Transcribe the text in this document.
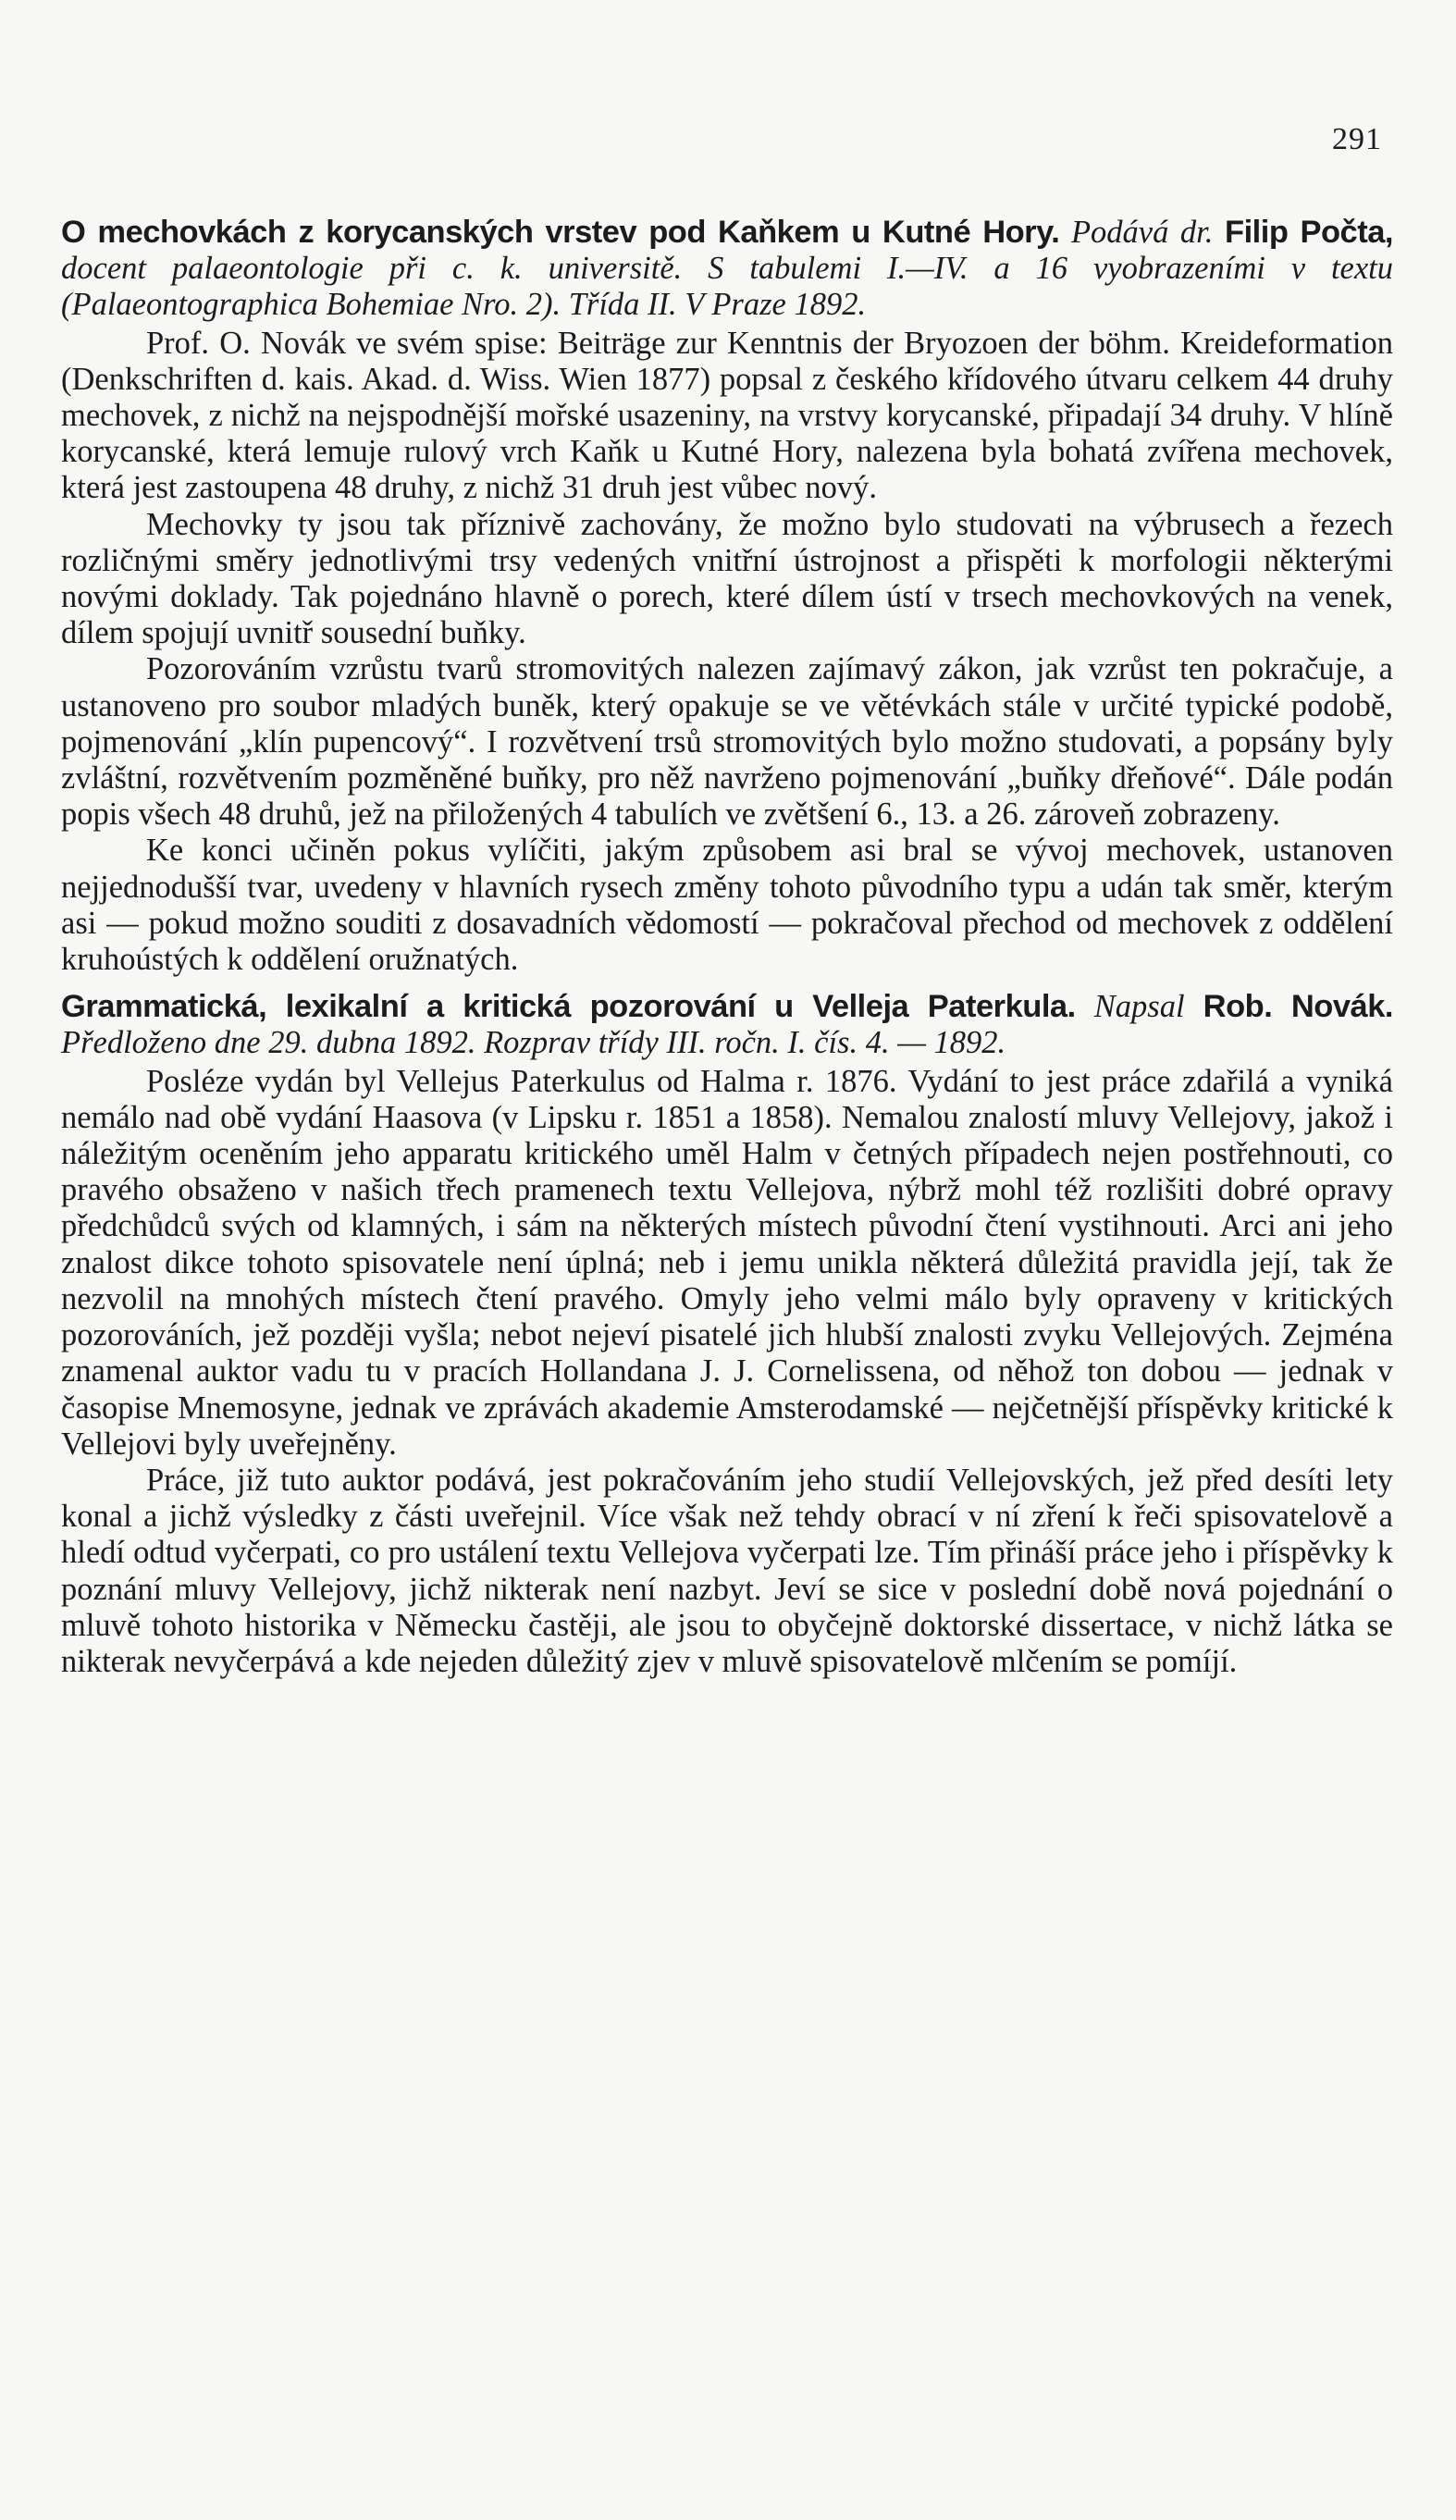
291

O mechovkách z korycanských vrstev pod Kaňkem u Kutné Hory. Podává dr. Filip Počta, docent palaeontologie při c. k. universitě. S tabulemi I.—IV. a 16 vyobrazeními v textu (Palaeontographica Bohemiae Nro. 2). Třída II. V Praze 1892.

Prof. O. Novák ve svém spise: Beiträge zur Kenntnis der Bryozoen der böhm. Kreideformation (Denkschriften d. kais. Akad. d. Wiss. Wien 1877) popsal z českého křídového útvaru celkem 44 druhy mechovek, z nichž na nejspodnější mořské usazeniny, na vrstvy korycanské, připadají 34 druhy. V hlíně korycanské, která lemuje rulový vrch Kaňk u Kutné Hory, nalezena byla bohatá zvířena mechovek, která jest zastoupena 48 druhy, z nichž 31 druh jest vůbec nový.

Mechovky ty jsou tak příznivě zachovány, že možno bylo studovati na výbrusech a řezech rozličnými směry jednotlivými trsy vedených vnitřní ústrojnost a přispěti k morfologii některými novými doklady. Tak pojednáno hlavně o porech, které dílem ústí v trsech mechovkových na venek, dílem spojují uvnitř sousední buňky.

Pozorováním vzrůstu tvarů stromovitých nalezen zajímavý zákon, jak vzrůst ten pokračuje, a ustanoveno pro soubor mladých buněk, který opakuje se ve větévkách stále v určité typické podobě, pojmenování „klín pupencový“. I rozvětvení trsů stromovitých bylo možno studovati, a popsány byly zvláštní, rozvětvením pozměněné buňky, pro něž navrženo pojmenování „buňky dřeňové“. Dále podán popis všech 48 druhů, jež na přiložených 4 tabulích ve zvětšení 6., 13. a 26. zároveň zobrazeny.

Ke konci učiněn pokus vylíčiti, jakým způsobem asi bral se vývoj mechovek, ustanoven nejjednodušší tvar, uvedeny v hlavních rysech změny tohoto původního typu a udán tak směr, kterým asi — pokud možno souditi z dosavadních vědomostí — pokračoval přechod od mechovek z oddělení kruhoústých k oddělení oružnatých.

Grammatická, lexikalní a kritická pozorování u Velleja Paterkula. Napsal Rob. Novák. Předloženo dne 29. dubna 1892. Rozprav třídy III. ročn. I. čís. 4. — 1892.

Posléze vydán byl Vellejus Paterkulus od Halma r. 1876. Vydání to jest práce zdařilá a vyniká nemálo nad obě vydání Haasova (v Lipsku r. 1851 a 1858). Nemalou znalostí mluvy Vellejovy, jakož i náležitým oceněním jeho apparatu kritického uměl Halm v četných případech nejen postřehnouti, co pravého obsaženo v našich třech pramenech textu Vellejova, nýbrž mohl též rozlišiti dobré opravy předchůdců svých od klamných, i sám na některých místech původní čtení vystihnouti. Arci ani jeho znalost dikce tohoto spisovatele není úplná; neb i jemu unikla některá důležitá pravidla její, tak že nezvolil na mnohých místech čtení pravého. Omyly jeho velmi málo byly opraveny v kritických pozorováních, jež později vyšla; nebot nejeví pisatelé jich hlubší znalosti zvyku Vellejových. Zejména znamenal auktor vadu tu v pracích Hollandana J. J. Cornelissena, od něhož ton dobou — jednak v časopise Mnemosyne, jednak ve zprávách akademie Amsterodamské — nejčetnější příspěvky kritické k Vellejovi byly uveřejněny.

Práce, již tuto auktor podává, jest pokračováním jeho studií Vellejovských, jež před desíti lety konal a jichž výsledky z části uveřejnil. Více však než tehdy obrací v ní zření k řeči spisovatelově a hledí odtud vyčerpati, co pro ustálení textu Vellejova vyčerpati lze. Tím přináší práce jeho i příspěvky k poznání mluvy Vellejovy, jichž nikterak není nazbyt. Jeví se sice v poslední době nová pojednání o mluvě tohoto historika v Německu častěji, ale jsou to obyčejně doktorské dissertace, v nichž látka se nikterak nevyčerpává a kde nejeden důležitý zjev v mluvě spisovatelově mlčením se pomíjí.
